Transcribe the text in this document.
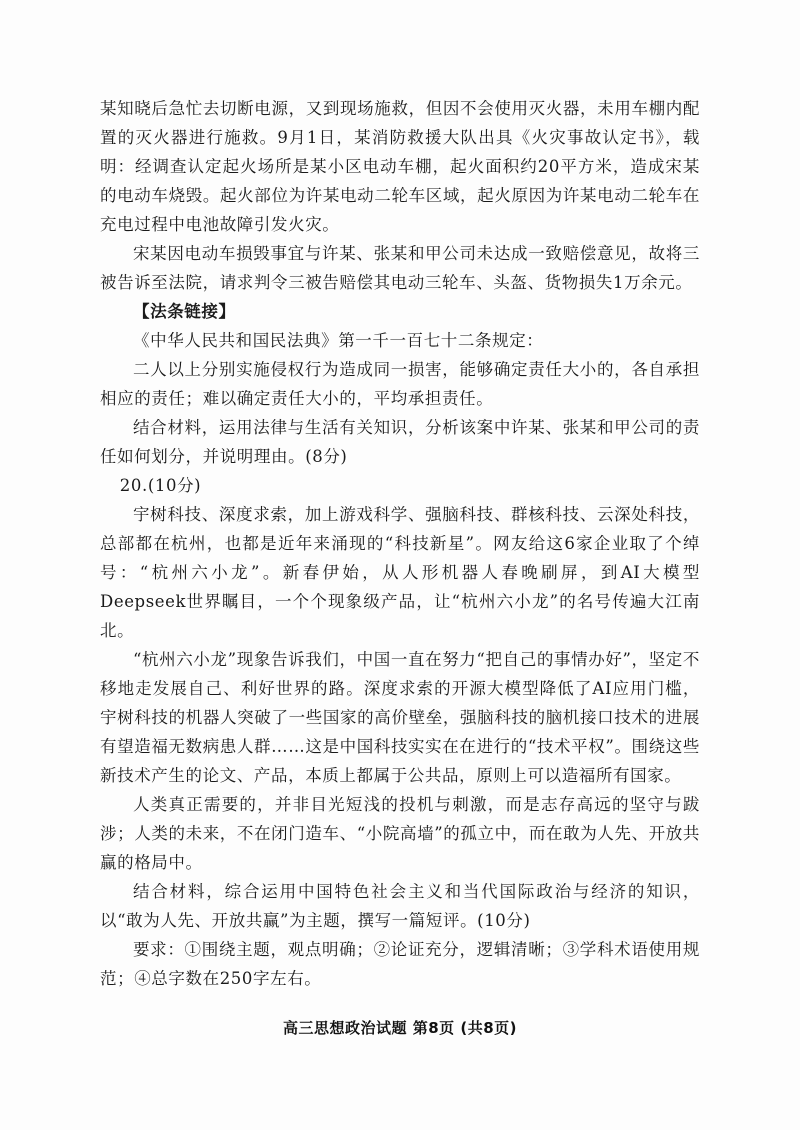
某知晓后急忙去切断电源，又到现场施救，但因不会使用灭火器，未用车棚内配置的灭火器进行施救。9月1日，某消防救援大队出具《火灾事故认定书》，载明：经调查认定起火场所是某小区电动车棚，起火面积约20平方米，造成宋某的电动车烧毁。起火部位为许某电动二轮车区域，起火原因为许某电动二轮车在充电过程中电池故障引发火灾。

宋某因电动车损毁事宜与许某、张某和甲公司未达成一致赔偿意见，故将三被告诉至法院，请求判令三被告赔偿其电动三轮车、头盔、货物损失1万余元。

【法条链接】

《中华人民共和国民法典》第一千一百七十二条规定：

二人以上分别实施侵权行为造成同一损害，能够确定责任大小的，各自承担相应的责任；难以确定责任大小的，平均承担责任。

结合材料，运用法律与生活有关知识，分析该案中许某、张某和甲公司的责任如何划分，并说明理由。(8分)

20.(10分)

宇树科技、深度求索，加上游戏科学、强脑科技、群核科技、云深处科技，总部都在杭州，也都是近年来涌现的“科技新星”。网友给这6家企业取了个绰号：“杭州六小龙”。新春伊始，从人形机器人春晚刷屏，到AI大模型Deepseek世界瞩目，一个个现象级产品，让“杭州六小龙”的名号传遍大江南北。

“杭州六小龙”现象告诉我们，中国一直在努力“把自己的事情办好”，坚定不移地走发展自己、利好世界的路。深度求索的开源大模型降低了AI应用门槛，宇树科技的机器人突破了一些国家的高价壁垒，强脑科技的脑机接口技术的进展有望造福无数病患人群……这是中国科技实实在在进行的“技术平权”。围绕这些新技术产生的论文、产品，本质上都属于公共品，原则上可以造福所有国家。

人类真正需要的，并非目光短浅的投机与刺激，而是志存高远的坚守与跋涉；人类的未来，不在闭门造车、“小院高墙”的孤立中，而在敢为人先、开放共赢的格局中。

结合材料，综合运用中国特色社会主义和当代国际政治与经济的知识，以“敢为人先、开放共赢”为主题，撰写一篇短评。(10分)

要求：①围绕主题，观点明确；②论证充分，逻辑清晰；③学科术语使用规范；④总字数在250字左右。

高三思想政治试题 第8页 (共8页)
